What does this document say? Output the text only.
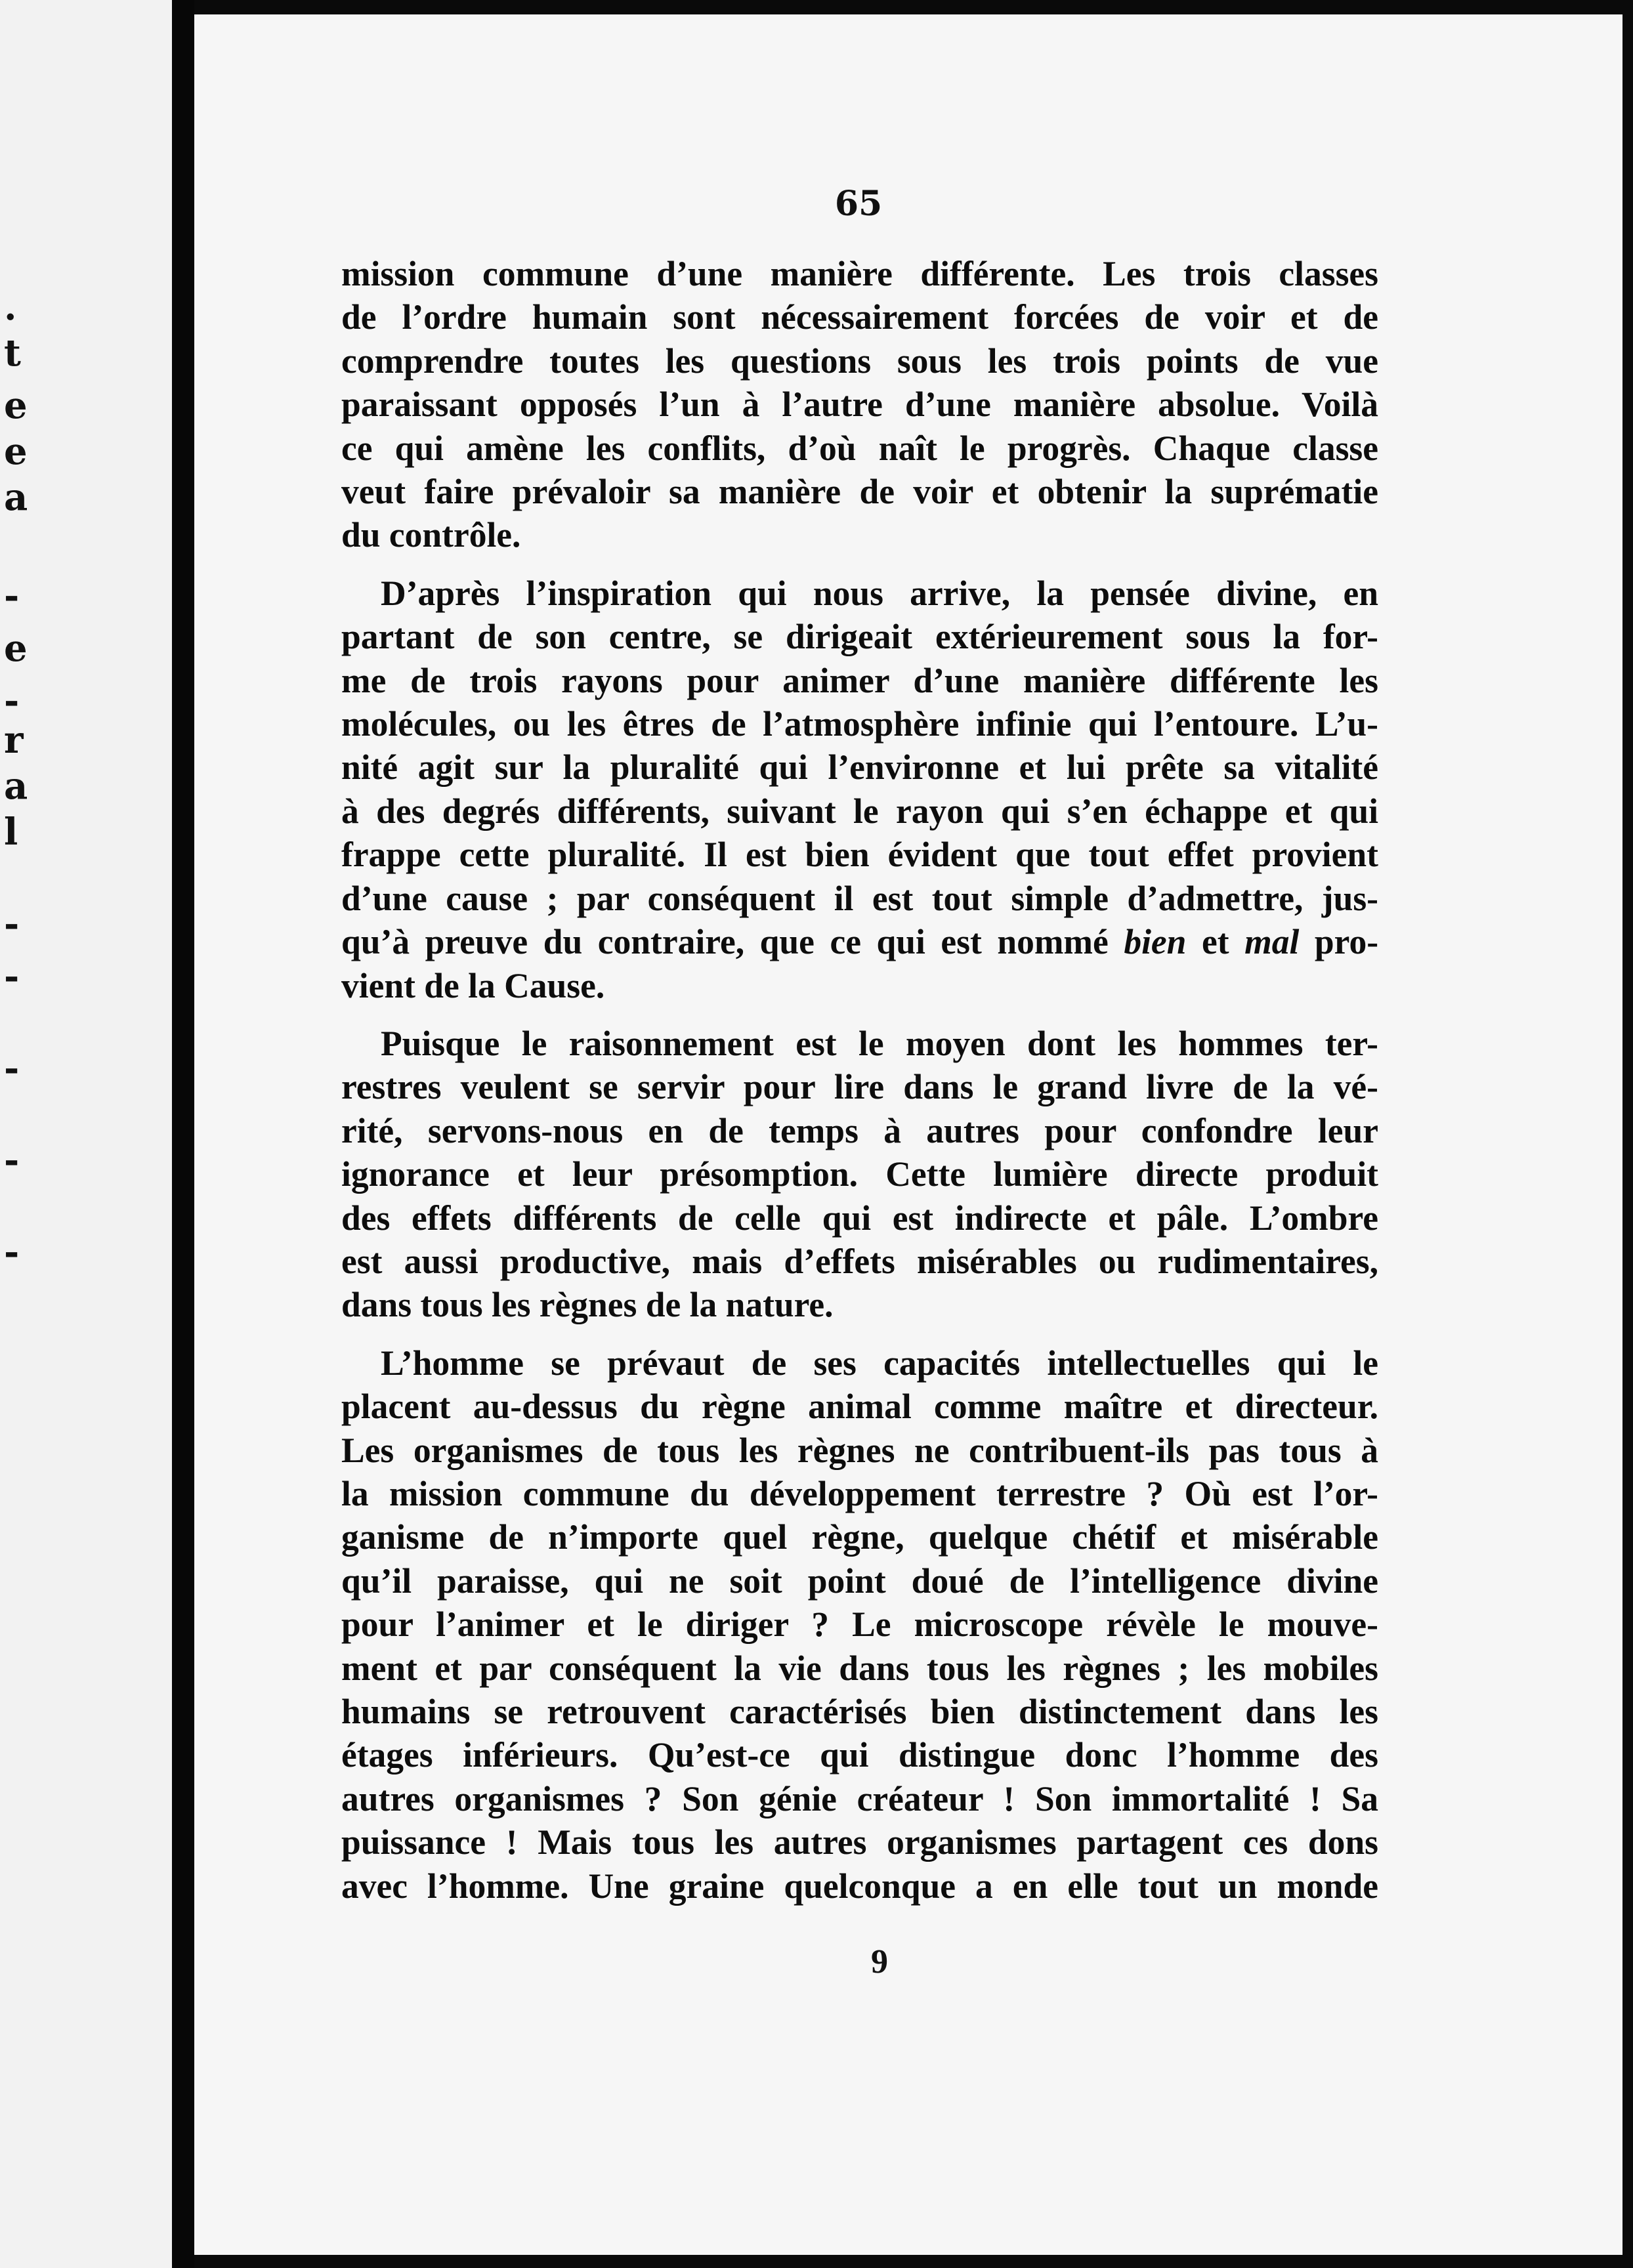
.
t
e
e
a
-
e
-
r
a
l
-
-
-
-
-
65
mission commune d’une manière différente. Les trois classes
de l’ordre humain sont nécessairement forcées de voir et de
comprendre toutes les questions sous les trois points de vue
paraissant opposés l’un à l’autre d’une manière absolue. Voilà
ce qui amène les conflits, d’où naît le progrès. Chaque classe
veut faire prévaloir sa manière de voir et obtenir la suprématie
du contrôle.
D’après l’inspiration qui nous arrive, la pensée divine, en
partant de son centre, se dirigeait extérieurement sous la for-
me de trois rayons pour animer d’une manière différente les
molécules, ou les êtres de l’atmosphère infinie qui l’entoure. L’u-
nité agit sur la pluralité qui l’environne et lui prête sa vitalité
à des degrés différents, suivant le rayon qui s’en échappe et qui
frappe cette pluralité. Il est bien évident que tout effet provient
d’une cause ; par conséquent il est tout simple d’admettre, jus-
qu’à preuve du contraire, que ce qui est nommé bien et mal pro-
vient de la Cause.
Puisque le raisonnement est le moyen dont les hommes ter-
restres veulent se servir pour lire dans le grand livre de la vé-
rité, servons-nous en de temps à autres pour confondre leur
ignorance et leur présomption. Cette lumière directe produit
des effets différents de celle qui est indirecte et pâle. L’ombre
est aussi productive, mais d’effets misérables ou rudimentaires,
dans tous les règnes de la nature.
L’homme se prévaut de ses capacités intellectuelles qui le
placent au-dessus du règne animal comme maître et directeur.
Les organismes de tous les règnes ne contribuent-ils pas tous à
la mission commune du développement terrestre ? Où est l’or-
ganisme de n’importe quel règne, quelque chétif et misérable
qu’il paraisse, qui ne soit point doué de l’intelligence divine
pour l’animer et le diriger ? Le microscope révèle le mouve-
ment et par conséquent la vie dans tous les règnes ; les mobiles
humains se retrouvent caractérisés bien distinctement dans les
étages inférieurs. Qu’est-ce qui distingue donc l’homme des
autres organismes ? Son génie créateur ! Son immortalité ! Sa
puissance ! Mais tous les autres organismes partagent ces dons
avec l’homme. Une graine quelconque a en elle tout un monde
9
